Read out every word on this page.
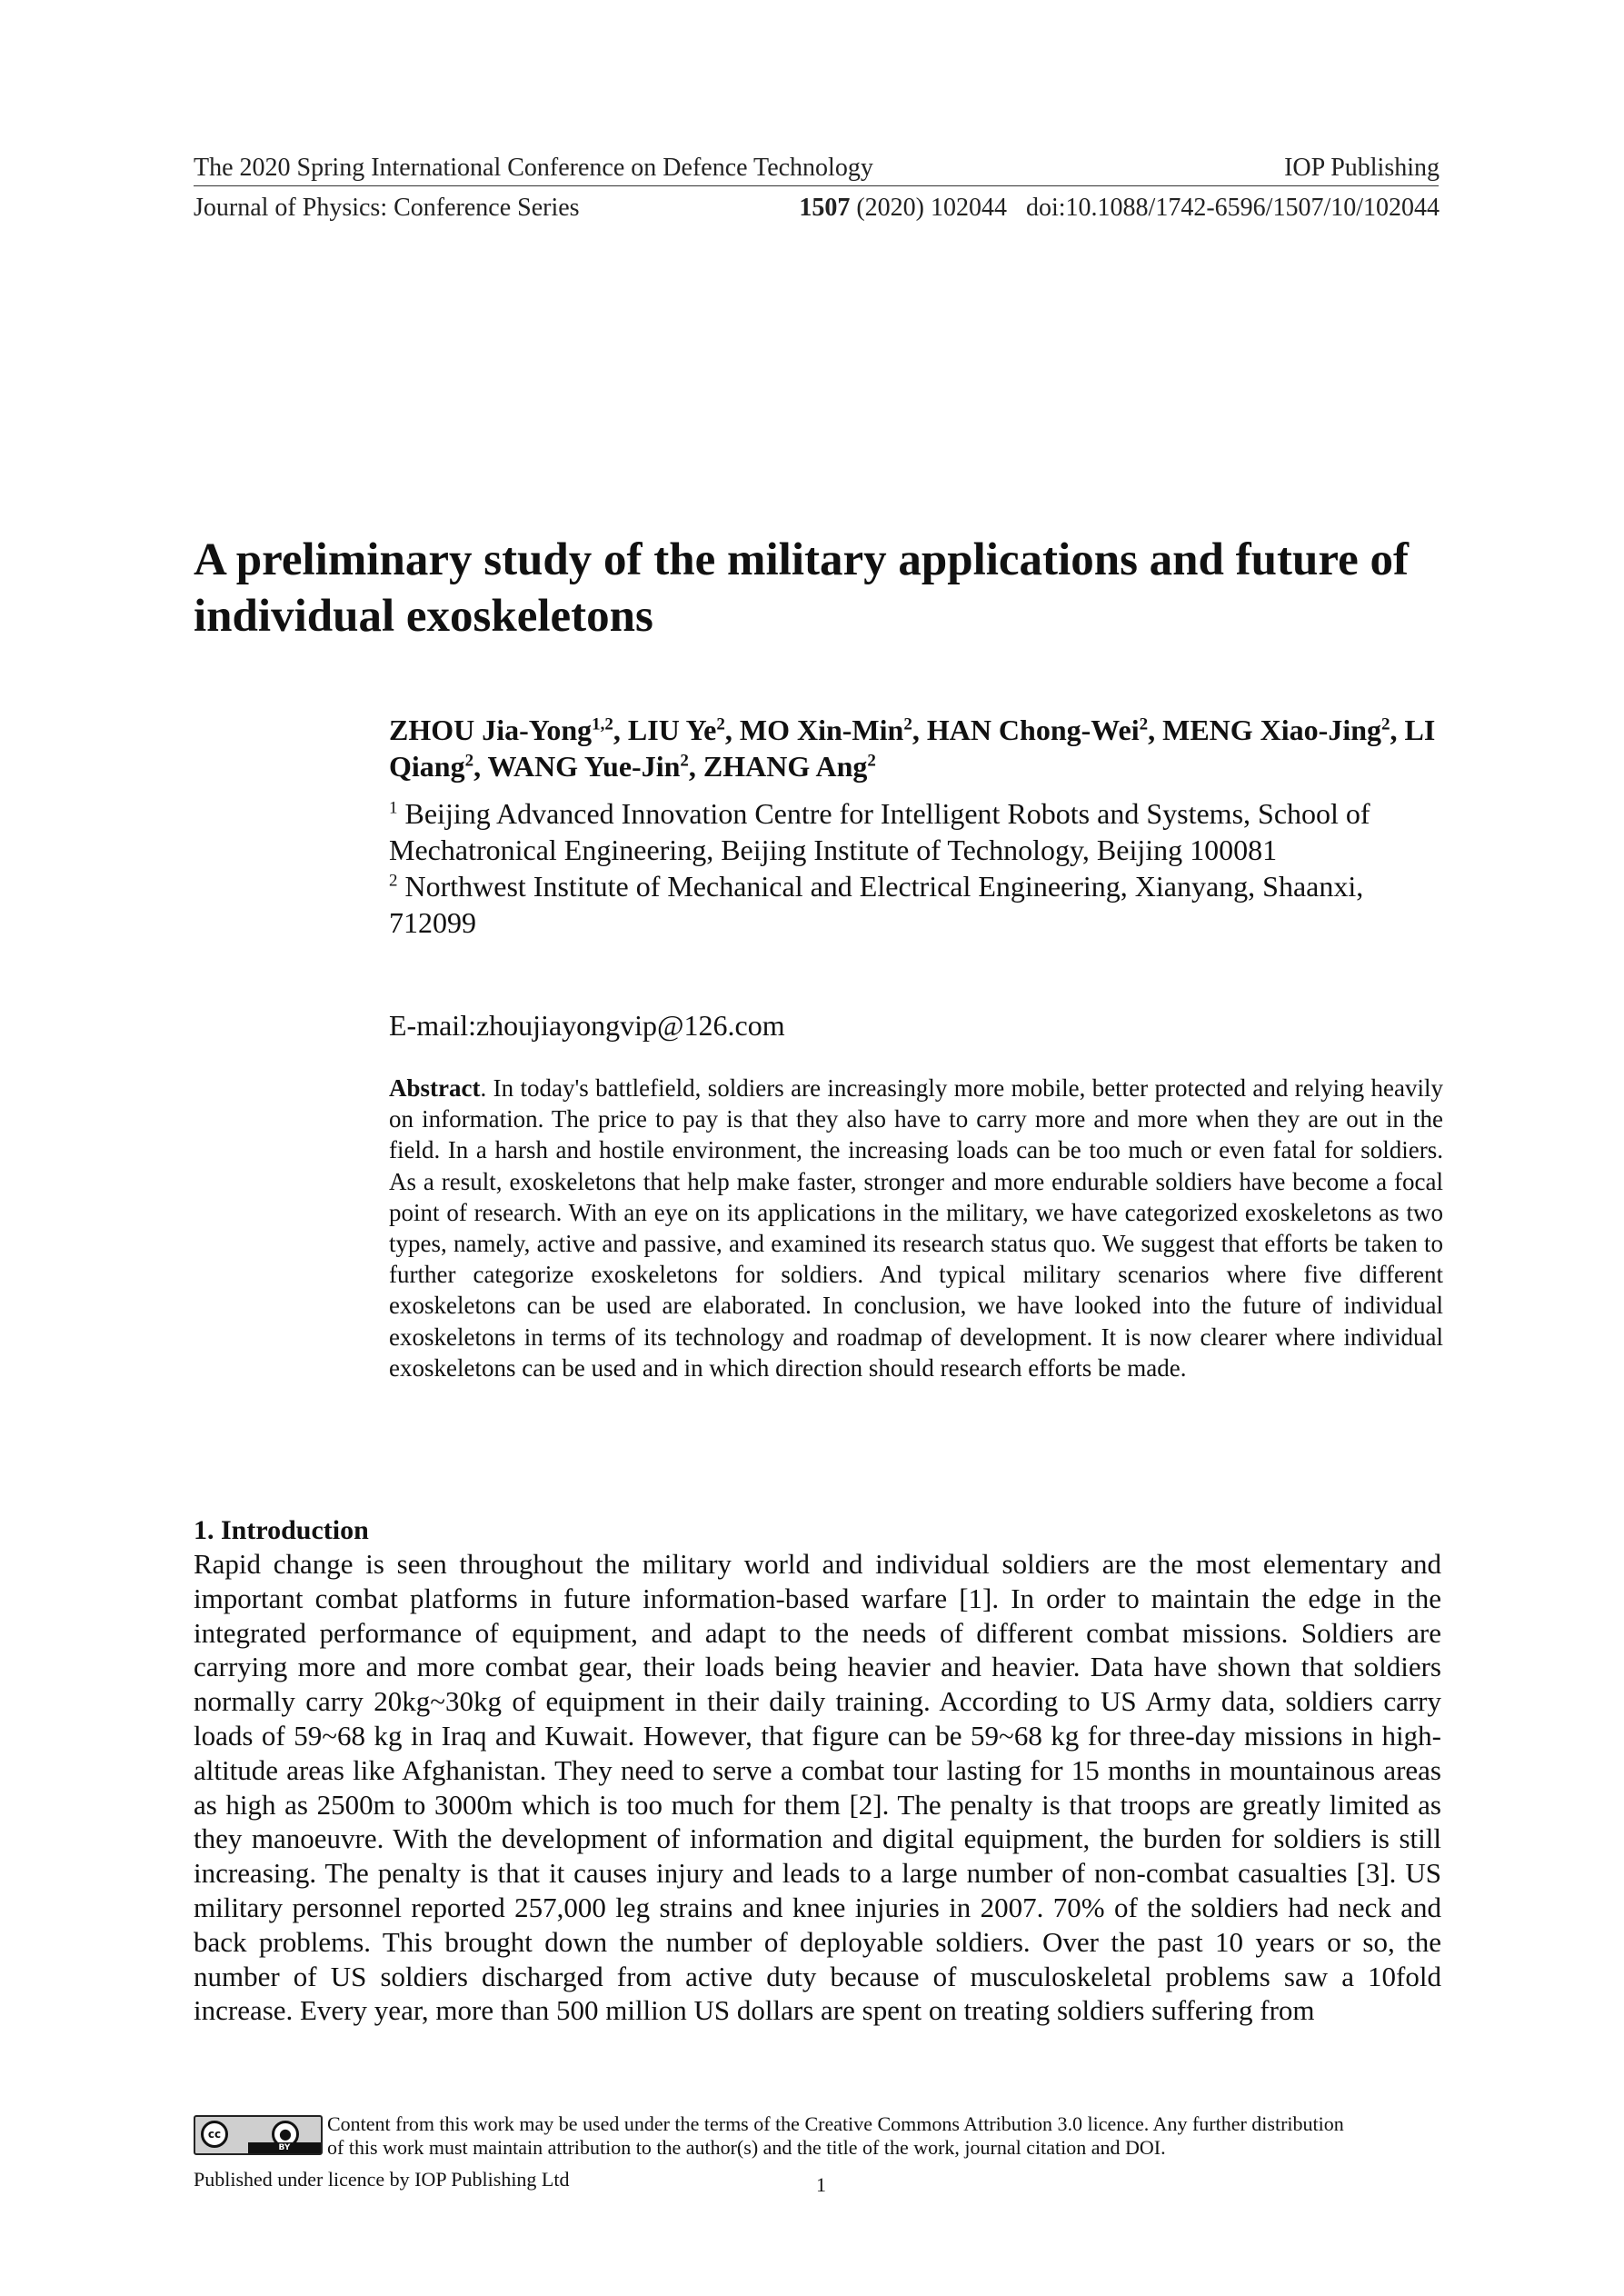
The 2020 Spring International Conference on Defence Technology	IOP Publishing
Journal of Physics: Conference Series	1507 (2020) 102044 doi:10.1088/1742-6596/1507/10/102044
A preliminary study of the military applications and future of individual exoskeletons
ZHOU Jia-Yong$^{1,2}$, LIU Ye$^2$, MO Xin-Min$^2$, HAN Chong-Wei$^2$, MENG Xiao-Jing$^2$, LI Qiang$^2$, WANG Yue-Jin$^2$, ZHANG Ang$^2$
$^1$ Beijing Advanced Innovation Centre for Intelligent Robots and Systems, School of Mechatronical Engineering, Beijing Institute of Technology, Beijing 100081
$^2$ Northwest Institute of Mechanical and Electrical Engineering, Xianyang, Shaanxi, 712099
E-mail:zhoujiayongvip@126.com
Abstract. In today's battlefield, soldiers are increasingly more mobile, better protected and relying heavily on information. The price to pay is that they also have to carry more and more when they are out in the field. In a harsh and hostile environment, the increasing loads can be too much or even fatal for soldiers. As a result, exoskeletons that help make faster, stronger and more endurable soldiers have become a focal point of research. With an eye on its applications in the military, we have categorized exoskeletons as two types, namely, active and passive, and examined its research status quo. We suggest that efforts be taken to further categorize exoskeletons for soldiers. And typical military scenarios where five different exoskeletons can be used are elaborated. In conclusion, we have looked into the future of individual exoskeletons in terms of its technology and roadmap of development. It is now clearer where individual exoskeletons can be used and in which direction should research efforts be made.
1. Introduction
Rapid change is seen throughout the military world and individual soldiers are the most elementary and important combat platforms in future information-based warfare [1]. In order to maintain the edge in the integrated performance of equipment, and adapt to the needs of different combat missions. Soldiers are carrying more and more combat gear, their loads being heavier and heavier. Data have shown that soldiers normally carry 20kg~30kg of equipment in their daily training. According to US Army data, soldiers carry loads of 59~68 kg in Iraq and Kuwait. However, that figure can be 59~68 kg for three-day missions in high-altitude areas like Afghanistan. They need to serve a combat tour lasting for 15 months in mountainous areas as high as 2500m to 3000m which is too much for them [2]. The penalty is that troops are greatly limited as they manoeuvre. With the development of information and digital equipment, the burden for soldiers is still increasing. The penalty is that it causes injury and leads to a large number of non-combat casualties [3]. US military personnel reported 257,000 leg strains and knee injuries in 2007. 70% of the soldiers had neck and back problems. This brought down the number of deployable soldiers. Over the past 10 years or so, the number of US soldiers discharged from active duty because of musculoskeletal problems saw a 10fold increase. Every year, more than 500 million US dollars are spent on treating soldiers suffering from
cc	●
BY
Content from this work may be used under the terms of the Creative Commons Attribution 3.0 licence. Any further distribution
of this work must maintain attribution to the author(s) and the title of the work, journal citation and DOI.
Published under licence by IOP Publishing Ltd	1
